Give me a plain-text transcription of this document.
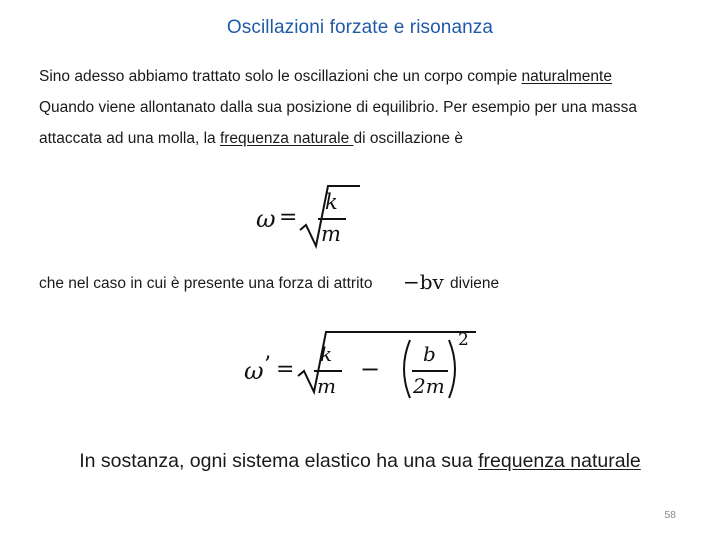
Oscillazioni forzate e risonanza
Sino adesso abbiamo trattato solo le oscillazioni che un corpo compie naturalmente
Quando viene allontanato dalla sua posizione di equilibrio. Per esempio per una massa
attaccata ad una molla, la frequenza naturale di oscillazione è
ω =
k
m
che nel caso in cui è presente una forza di attrito −bv diviene
ω ’ =
k
m
−
b
2m
2
In sostanza, ogni sistema elastico ha una sua frequenza naturale
58
